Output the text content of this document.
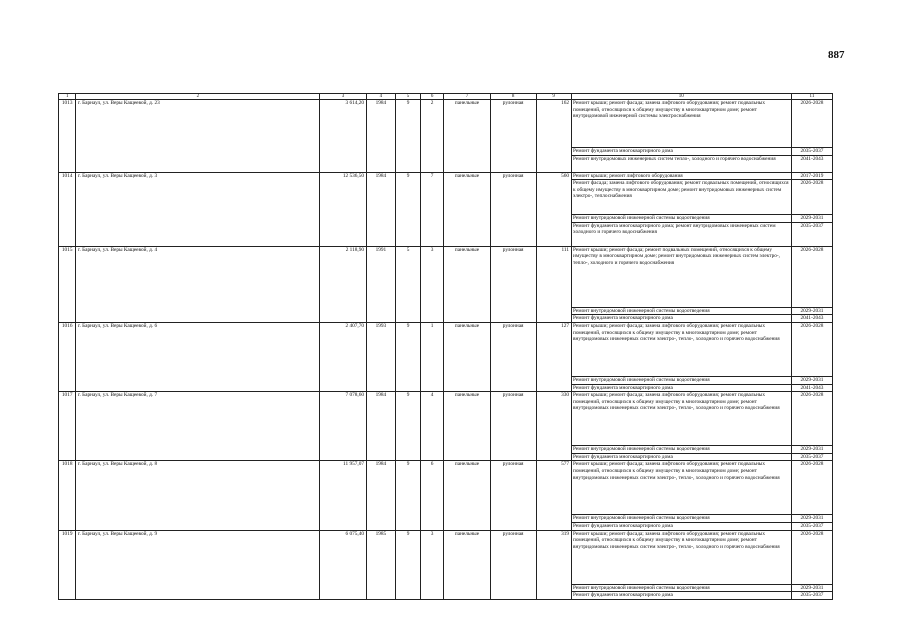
887
1	2	3	4	5	6	7	8	9	10	11
1013	г. Барнаул, ул. Веры Кащеевой, д. 23	3 614,20	1984	9	2	панельные	рулонная	162	Ремонт крыши; ремонт фасада; замена лифтового оборудования; ремонт подвальных помещений, относящихся к общему имуществу в многоквартирном доме; ремонт внутридомовой инженерной системы электроснабжения	2026-2028
									Ремонт фундамента многоквартирного дома	2035-2037
									Ремонт внутридомовых инженерных систем тепло-, холодного и горячего водоснабжения	2041-2043
1014	г. Барнаул, ул. Веры Кащеевой, д. 3	12 536,50	1984	9	7	панельные	рулонная	560	Ремонт крыши; ремонт лифтового оборудования	2017-2019
									Ремонт фасада; замена лифтового оборудования; ремонт подвальных помещений, относящихся к общему имуществу в многоквартирном доме; ремонт внутридомовых инженерных систем электро-, теплоснабжения	2026-2028
									Ремонт внутридомовой инженерной системы водоотведения	2029-2031
									Ремонт фундамента многоквартирного дома; ремонт внутридомовых инженерных систем холодного и горячего водоснабжения	2035-2037
1015	г. Барнаул, ул. Веры Кащеевой, д. 4	2 118,90	1991	5	3	панельные	рулонная	111	Ремонт крыши; ремонт фасада; ремонт подвальных помещений, относящихся к общему имуществу в многоквартирном доме; ремонт внутридомовых инженерных систем электро-, тепло-, холодного и горячего водоснабжения	2026-2028
									Ремонт внутридомовой инженерной системы водоотведения	2029-2031
									Ремонт фундамента многоквартирного дома	2041-2043
1016	г. Барнаул, ул. Веры Кащеевой, д. 6	2 407,70	1993	9	1	панельные	рулонная	127	Ремонт крыши; ремонт фасада; замена лифтового оборудования; ремонт подвальных помещений, относящихся к общему имуществу в многоквартирном доме; ремонт внутридомовых инженерных систем электро-, тепло-, холодного и горячего водоснабжения	2026-2028
									Ремонт внутридомовой инженерной системы водоотведения	2029-2031
									Ремонт фундамента многоквартирного дома	2041-2043
1017	г. Барнаул, ул. Веры Кащеевой, д. 7	7 078,60	1984	9	4	панельные	рулонная	330	Ремонт крыши; ремонт фасада; замена лифтового оборудования; ремонт подвальных помещений, относящихся к общему имуществу в многоквартирном доме; ремонт внутридомовых инженерных систем электро-, тепло-, холодного и горячего водоснабжения	2026-2028
									Ремонт внутридомовой инженерной системы водоотведения	2029-2031
									Ремонт фундамента многоквартирного дома	2035-2037
1018	г. Барнаул, ул. Веры Кащеевой, д. 8	11 957,07	1984	9	6	панельные	рулонная	577	Ремонт крыши; ремонт фасада; замена лифтового оборудования; ремонт подвальных помещений, относящихся к общему имуществу в многоквартирном доме; ремонт внутридомовых инженерных систем электро-, тепло-, холодного и горячего водоснабжения	2026-2028
									Ремонт внутридомовой инженерной системы водоотведения	2029-2031
									Ремонт фундамента многоквартирного дома	2035-2037
1019	г. Барнаул, ул. Веры Кащеевой, д. 9	6 075,40	1985	9	3	панельные	рулонная	319	Ремонт крыши; ремонт фасада; замена лифтового оборудования; ремонт подвальных помещений, относящихся к общему имуществу в многоквартирном доме; ремонт внутридомовых инженерных систем электро-, тепло-, холодного и горячего водоснабжения	2026-2028
									Ремонт внутридомовой инженерной системы водоотведения	2029-2031
									Ремонт фундамента многоквартирного дома	2035-2037
